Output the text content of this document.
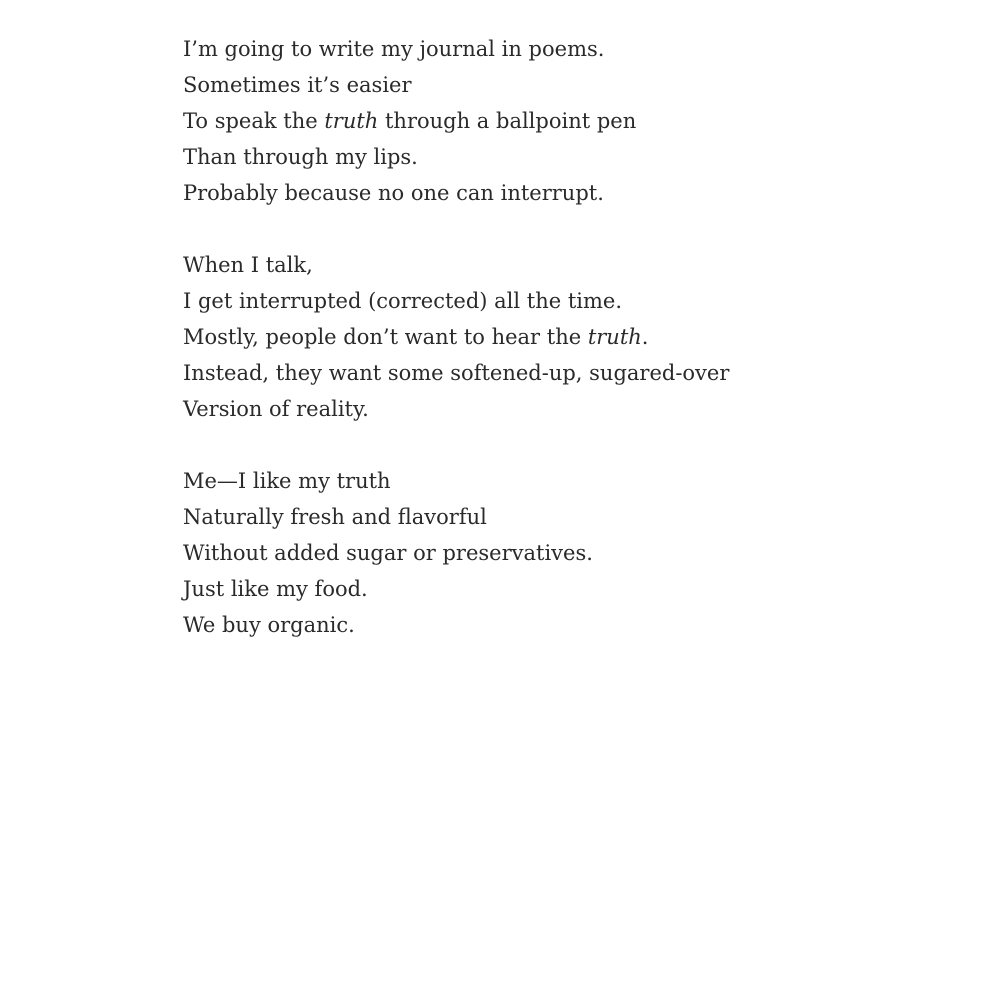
I’m going to write my journal in poems.
Sometimes it’s easier
To speak the truth through a ballpoint pen
Than through my lips.
Probably because no one can interrupt.
When I talk,
I get interrupted (corrected) all the time.
Mostly, people don’t want to hear the truth.
Instead, they want some softened-up, sugared-over
Version of reality.
Me—I like my truth
Naturally fresh and flavorful
Without added sugar or preservatives.
Just like my food.
We buy organic.
